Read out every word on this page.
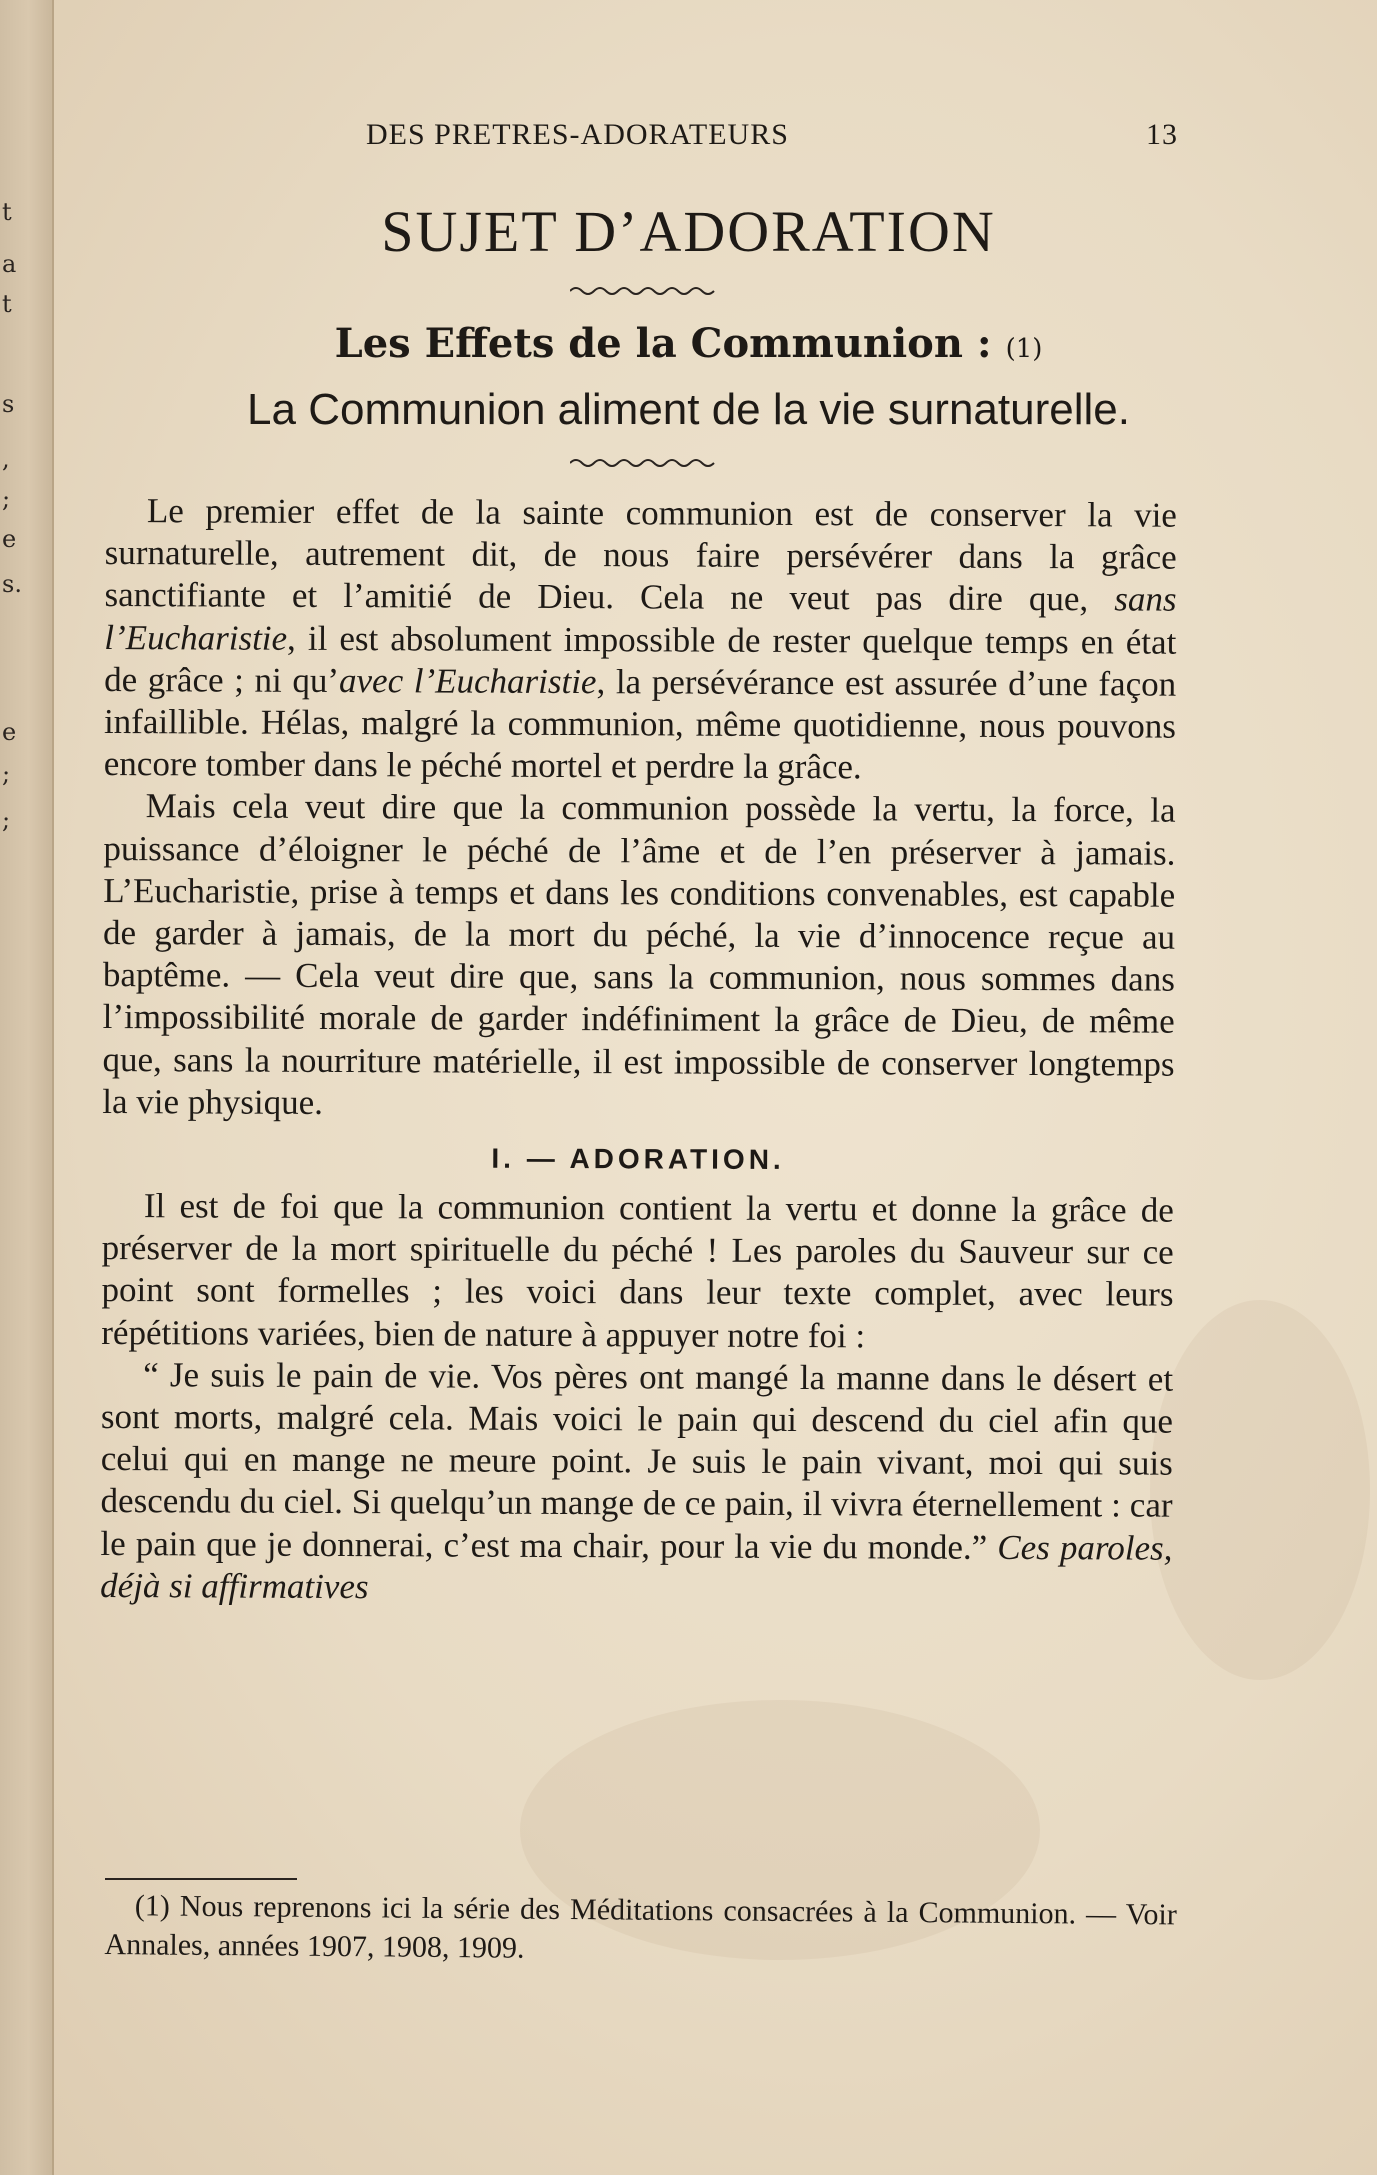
t
a
t
s
,
;
e
s.
e
;
;
DES PRETRES-ADORATEURS	13
SUJET D’ADORATION
Les Effets de la Communion : (1)
La Communion aliment de la vie surnaturelle.

Le premier effet de la sainte communion est de conserver la vie surnaturelle, autrement dit, de nous faire persévérer dans la grâce sanctifiante et l’amitié de Dieu. Cela ne veut pas dire que, sans l’Eucharistie, il est absolument impossible de rester quelque temps en état de grâce ; ni qu’avec l’Eucharistie, la persévérance est assurée d’une façon infaillible. Hélas, malgré la communion, même quotidienne, nous pouvons encore tomber dans le péché mortel et perdre la grâce.

Mais cela veut dire que la communion possède la vertu, la force, la puissance d’éloigner le péché de l’âme et de l’en préserver à jamais. L’Eucharistie, prise à temps et dans les conditions convenables, est capable de garder à jamais, de la mort du péché, la vie d’innocence reçue au baptême. — Cela veut dire que, sans la communion, nous sommes dans l’impossibilité morale de garder indéfiniment la grâce de Dieu, de même que, sans la nourriture matérielle, il est impossible de conserver longtemps la vie physique.

I. — ADORATION.

Il est de foi que la communion contient la vertu et donne la grâce de préserver de la mort spirituelle du péché ! Les paroles du Sauveur sur ce point sont formelles ; les voici dans leur texte complet, avec leurs répétitions variées, bien de nature à appuyer notre foi :

“ Je suis le pain de vie. Vos pères ont mangé la manne dans le désert et sont morts, malgré cela. Mais voici le pain qui descend du ciel afin que celui qui en mange ne meure point. Je suis le pain vivant, moi qui suis descendu du ciel. Si quelqu’un mange de ce pain, il vivra éternellement : car le pain que je donnerai, c’est ma chair, pour la vie du monde.” Ces paroles, déjà si affirmatives

(1) Nous reprenons ici la série des Méditations consacrées à la Communion. — Voir Annales, années 1907, 1908, 1909.
